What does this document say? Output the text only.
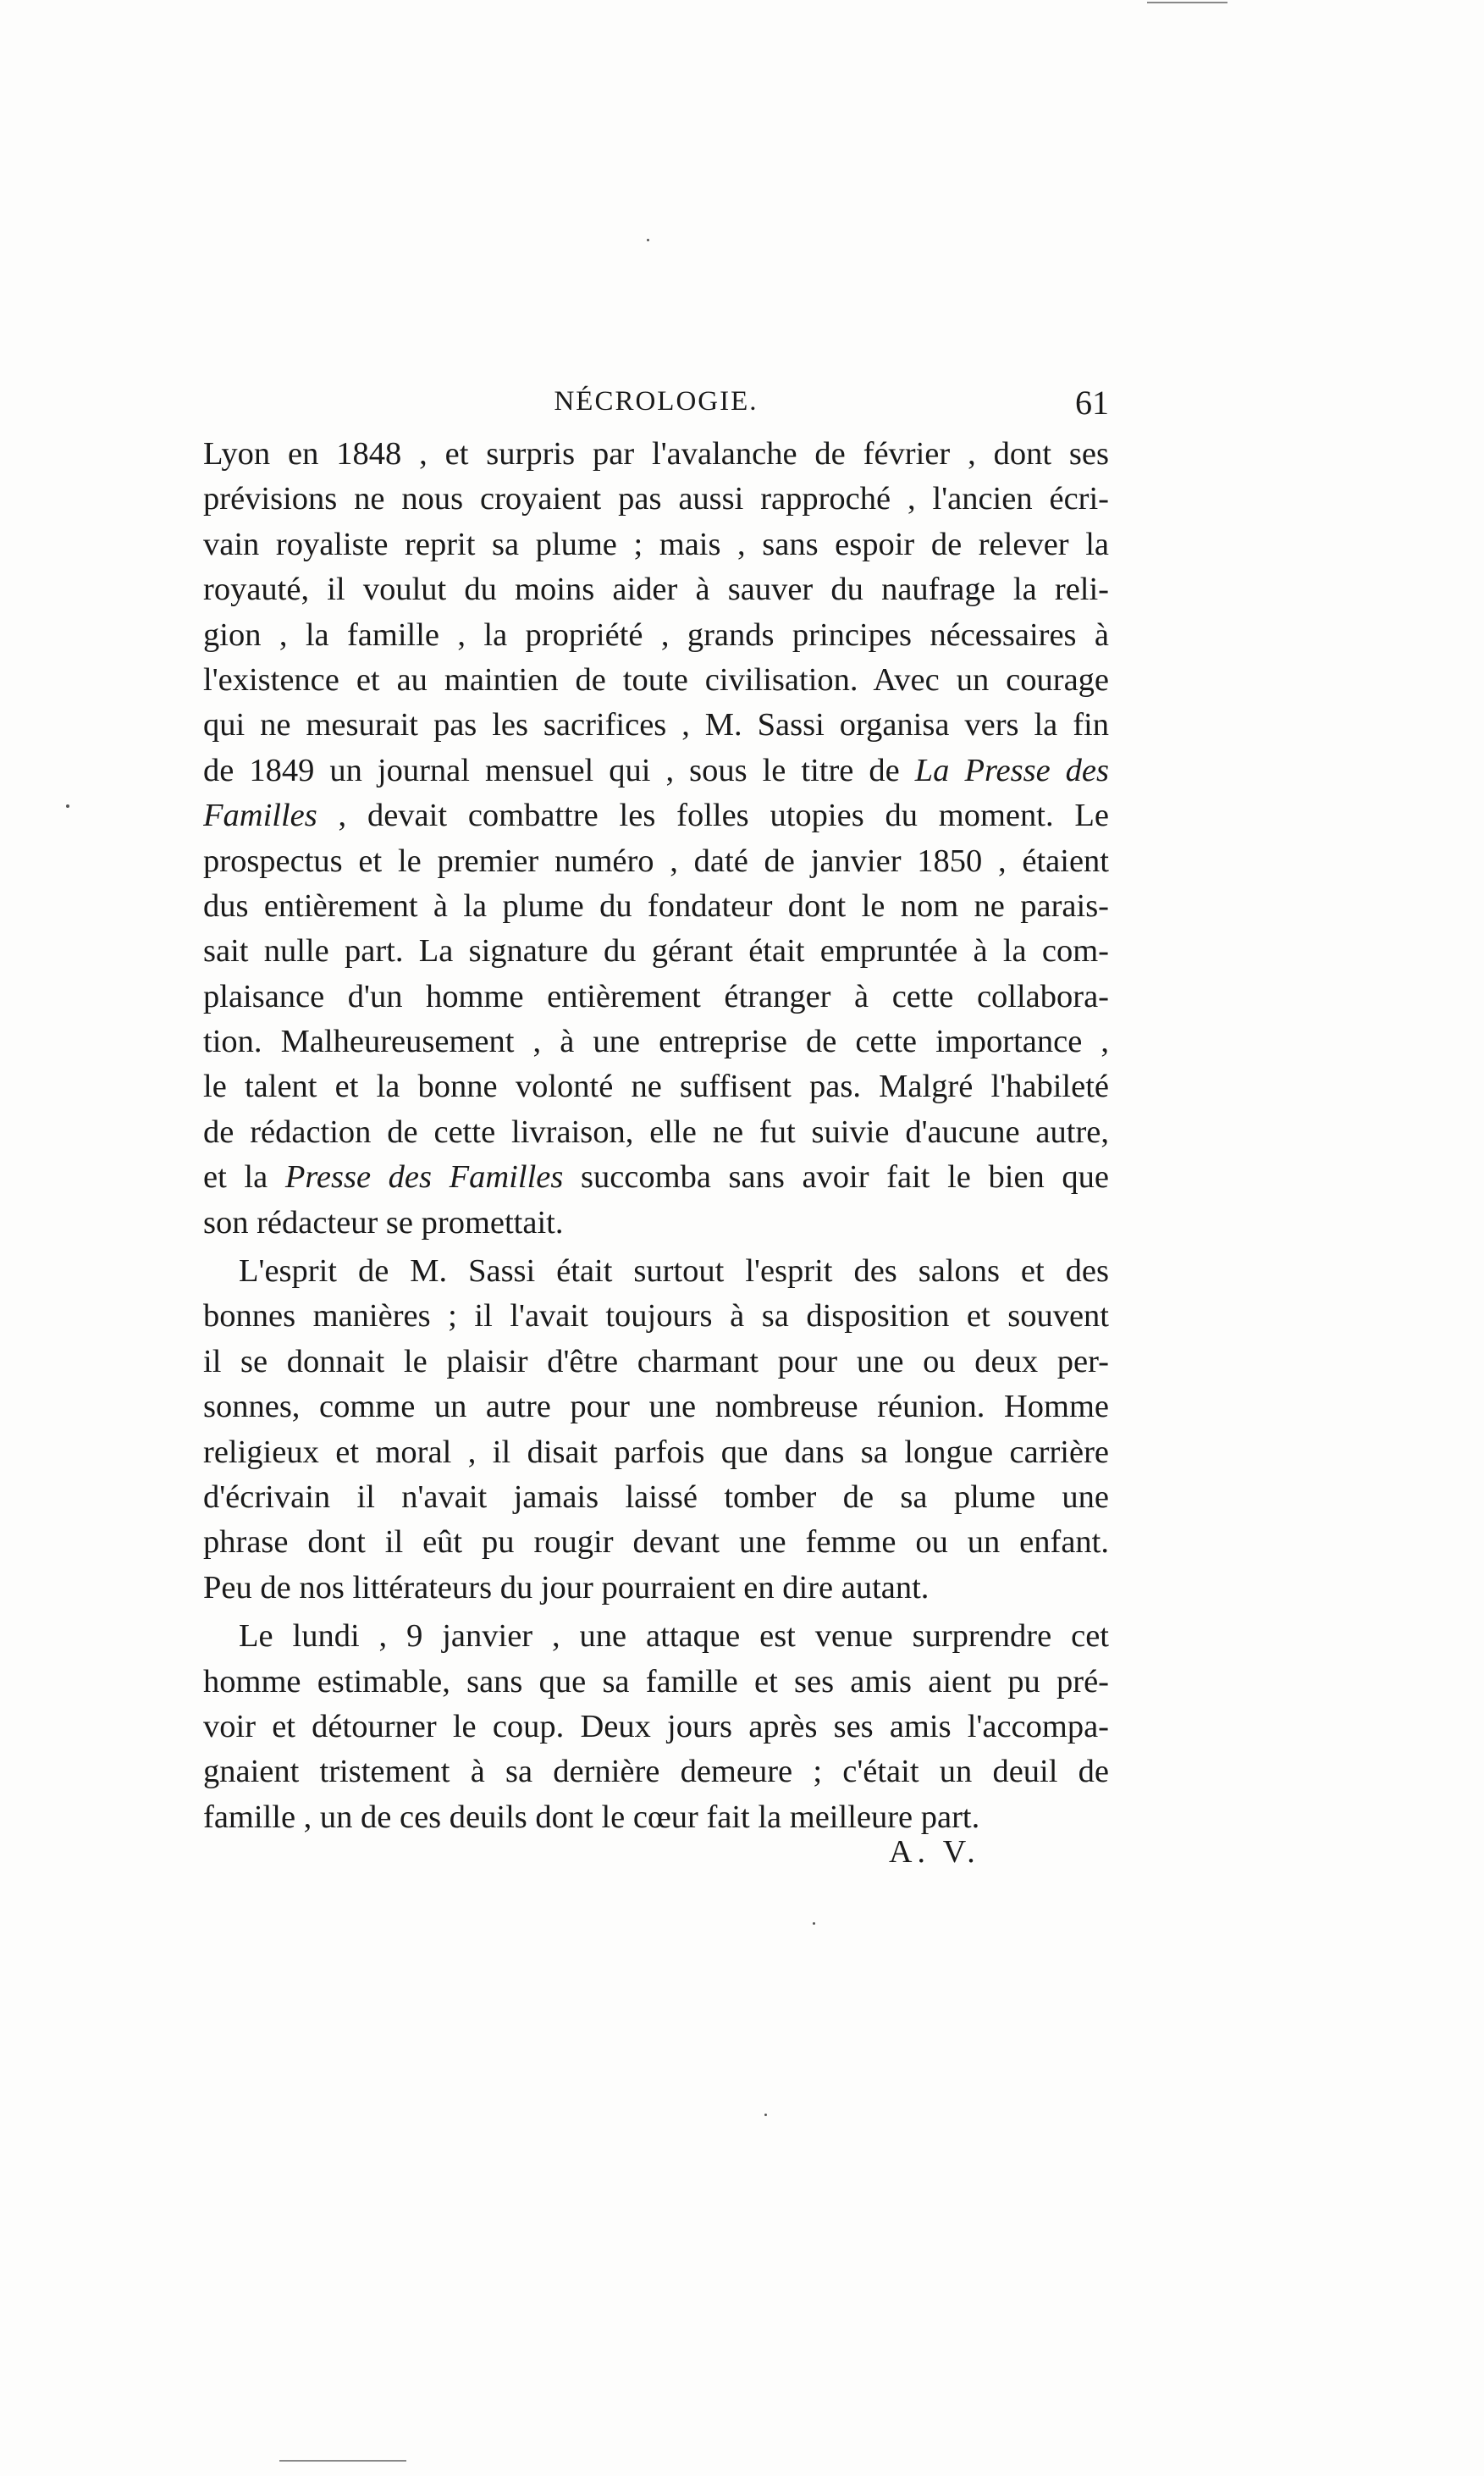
NÉCROLOGIE.	61
Lyon en 1848 , et surpris par l'avalanche de février , dont ses
prévisions ne nous croyaient pas aussi rapproché , l'ancien écri-
vain royaliste reprit sa plume ; mais , sans espoir de relever la
royauté, il voulut du moins aider à sauver du naufrage la reli-
gion , la famille , la propriété , grands principes nécessaires à
l'existence et au maintien de toute civilisation. Avec un courage
qui ne mesurait pas les sacrifices , M. Sassi organisa vers la fin
de 1849 un journal mensuel qui , sous le titre de La Presse des
Familles , devait combattre les folles utopies du moment. Le
prospectus et le premier numéro , daté de janvier 1850 , étaient
dus entièrement à la plume du fondateur dont le nom ne parais-
sait nulle part. La signature du gérant était empruntée à la com-
plaisance d'un homme entièrement étranger à cette collabora-
tion. Malheureusement , à une entreprise de cette importance ,
le talent et la bonne volonté ne suffisent pas. Malgré l'habileté
de rédaction de cette livraison, elle ne fut suivie d'aucune autre,
et la Presse des Familles succomba sans avoir fait le bien que
son rédacteur se promettait.
L'esprit de M. Sassi était surtout l'esprit des salons et des
bonnes manières ; il l'avait toujours à sa disposition et souvent
il se donnait le plaisir d'être charmant pour une ou deux per-
sonnes, comme un autre pour une nombreuse réunion. Homme
religieux et moral , il disait parfois que dans sa longue carrière
d'écrivain il n'avait jamais laissé tomber de sa plume une
phrase dont il eût pu rougir devant une femme ou un enfant.
Peu de nos littérateurs du jour pourraient en dire autant.
Le lundi , 9 janvier , une attaque est venue surprendre cet
homme estimable, sans que sa famille et ses amis aient pu pré-
voir et détourner le coup. Deux jours après ses amis l'accompa-
gnaient tristement à sa dernière demeure ; c'était un deuil de
famille , un de ces deuils dont le cœur fait la meilleure part.
A. V.
